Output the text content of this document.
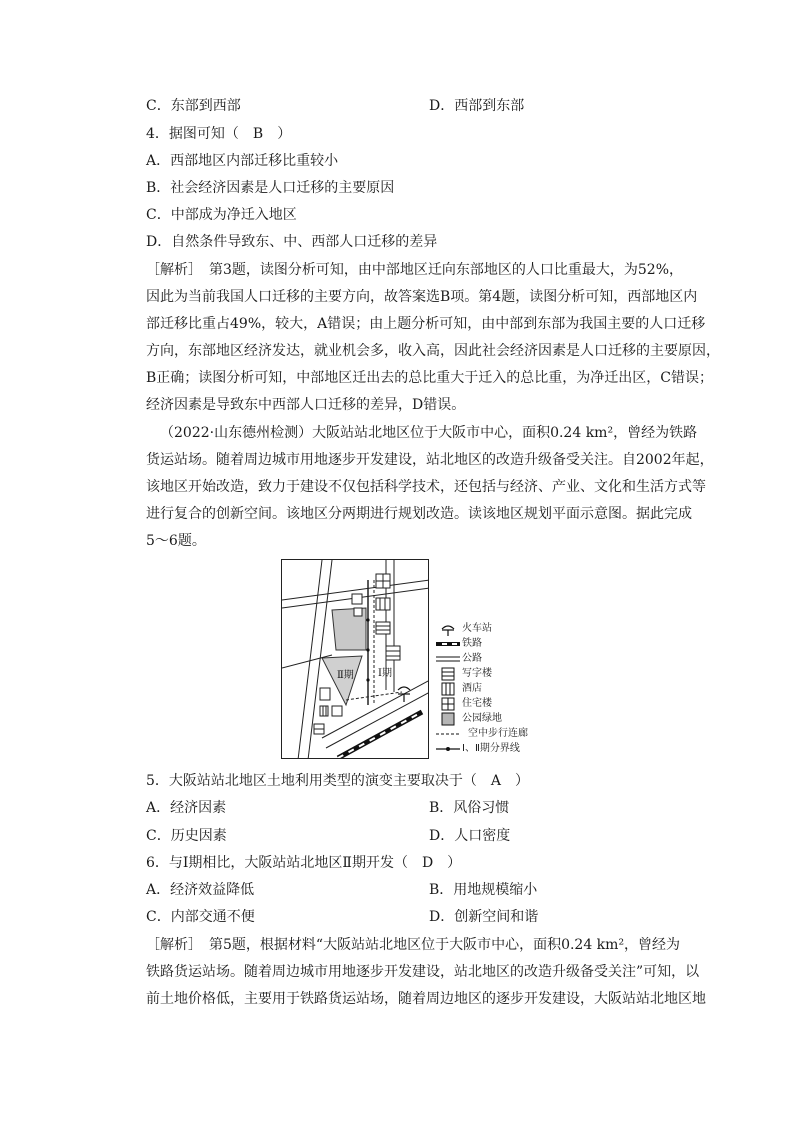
C．东部到西部	D．西部到东部
4．据图可知（　B　）
A．西部地区内部迁移比重较小
B．社会经济因素是人口迁移的主要原因
C．中部成为净迁入地区
D．自然条件导致东、中、西部人口迁移的差异
［解析］　第3题，读图分析可知，由中部地区迁向东部地区的人口比重最大，为52%，
因此为当前我国人口迁移的主要方向，故答案选B项。第4题，读图分析可知，西部地区内
部迁移比重占49%，较大，A错误；由上题分析可知，由中部到东部为我国主要的人口迁移
方向，东部地区经济发达，就业机会多，收入高，因此社会经济因素是人口迁移的主要原因，
B正确；读图分析可知，中部地区迁出去的总比重大于迁入的总比重，为净迁出区，C错误；
经济因素是导致东中西部人口迁移的差异，D错误。
（2022·山东德州检测）大阪站站北地区位于大阪市中心，面积0.24 km²，曾经为铁路
货运站场。随着周边城市用地逐步开发建设，站北地区的改造升级备受关注。自2002年起，
该地区开始改造，致力于建设不仅包括科学技术，还包括与经济、产业、文化和生活方式等
进行复合的创新空间。该地区分两期进行规划改造。读该地区规划平面示意图。据此完成
5～6题。
Ⅱ期 Ⅰ期
火车站
铁路
公路
写字楼
酒店
住宅楼
公园绿地
空中步行连廊
Ⅰ、Ⅱ期分界线
5．大阪站站北地区土地利用类型的演变主要取决于（　A　）
A．经济因素	B．风俗习惯
C．历史因素	D．人口密度
6．与Ⅰ期相比，大阪站站北地区Ⅱ期开发（　D　）
A．经济效益降低	B．用地规模缩小
C．内部交通不便	D．创新空间和谐
［解析］　第5题，根据材料“大阪站站北地区位于大阪市中心，面积0.24 km²，曾经为
铁路货运站场。随着周边城市用地逐步开发建设，站北地区的改造升级备受关注”可知，以
前土地价格低，主要用于铁路货运站场，随着周边地区的逐步开发建设，大阪站站北地区地
